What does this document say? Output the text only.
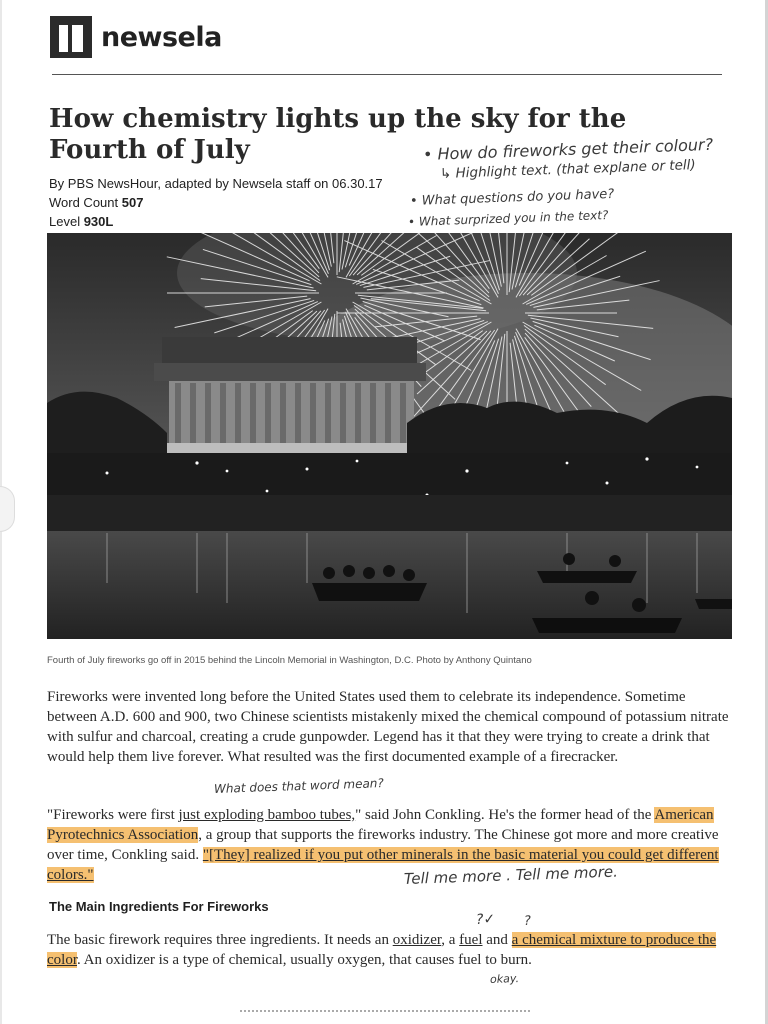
newsela
How chemistry lights up the sky for the Fourth of July
By PBS NewsHour, adapted by Newsela staff on 06.30.17
Word Count 507
Level 930L
• How do fireworks get their colour?
↳ Highlight text. (that explane or tell)
• What questions do you have?
• What surprized you in the text?
Fourth of July fireworks go off in 2015 behind the Lincoln Memorial in Washington, D.C. Photo by Anthony Quintano

Fireworks were invented long before the United States used them to celebrate its independence. Sometime between A.D. 600 and 900, two Chinese scientists mistakenly mixed the chemical compound of potassium nitrate with sulfur and charcoal, creating a crude gunpowder. Legend has it that they were trying to create a drink that would help them live forever. What resulted was the first documented example of a firecracker.

What does that word mean?

"Fireworks were first just exploding bamboo tubes," said John Conkling. He's the former head of the American Pyrotechnics Association, a group that supports the fireworks industry. The Chinese got more and more creative over time, Conkling said. "[They] realized if you put other minerals in the basic material you could get different colors."	Tell me more . Tell me more.
The Main Ingredients For Fireworks
?✓ ?

The basic firework requires three ingredients. It needs an oxidizer, a fuel and a chemical mixture to produce the color. An oxidizer is a type of chemical, usually oxygen, that causes fuel to burn.

okay.
